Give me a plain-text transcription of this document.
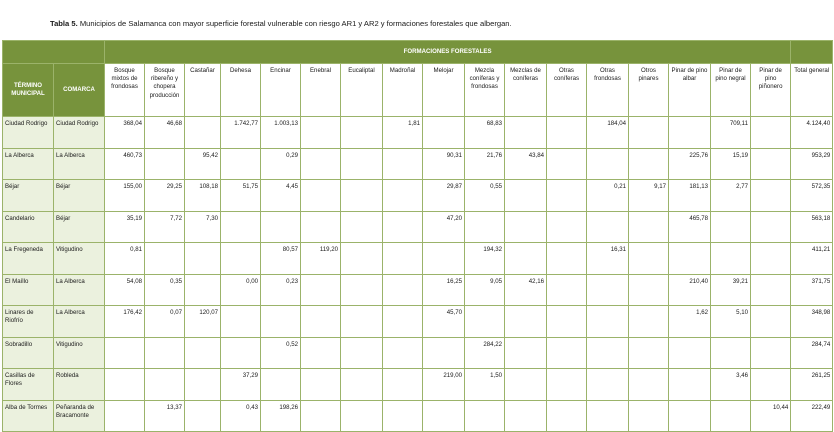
Tabla 5. Municipios de Salamanca con mayor superficie forestal vulnerable con riesgo AR1 y AR2 y formaciones forestales que albergan.
		FORMACIONES FORESTALES																	
TÉRMINO MUNICIPAL	COMARCA	Bosque mixtos de frondosas	Bosque ribereño y chopera producción	Castañar	Dehesa	Encinar	Enebral	Eucaliptal	Madroñal	Melojar	Mezcla coníferas y frondosas	Mezclas de coníferas	Otras coníferas	Otras frondosas	Otros pinares	Pinar de pino albar	Pinar de pino negral	Pinar de pino piñonero	Total general
Ciudad Rodrigo	Ciudad Rodrigo	368,04	46,68		1.742,77	1.003,13			1,81		68,83			184,04			709,11		4.124,40
La Alberca	La Alberca	460,73		95,42		0,29				90,31	21,76	43,84				225,76	15,19		953,29
Béjar	Béjar	155,00	29,25	108,18	51,75	4,45				29,87	0,55			0,21	9,17	181,13	2,77		572,35
Candelario	Béjar	35,19	7,72	7,30						47,20						465,78			563,18
La Fregeneda	Vitigudino	0,81				80,57	119,20				194,32			16,31					411,21
El Maíllo	La Alberca	54,08	0,35		0,00	0,23				16,25	9,05	42,16				210,40	39,21		371,75
Linares de Riofrío	La Alberca	176,42	0,07	120,07						45,70						1,62	5,10		348,98
Sobradillo	Vitigudino					0,52					284,22								284,74
Casillas de Flores	Robleda				37,29					219,00	1,50						3,46		261,25
Alba de Tormes	Peñaranda de Bracamonte		13,37		0,43	198,26												10,44	222,49
